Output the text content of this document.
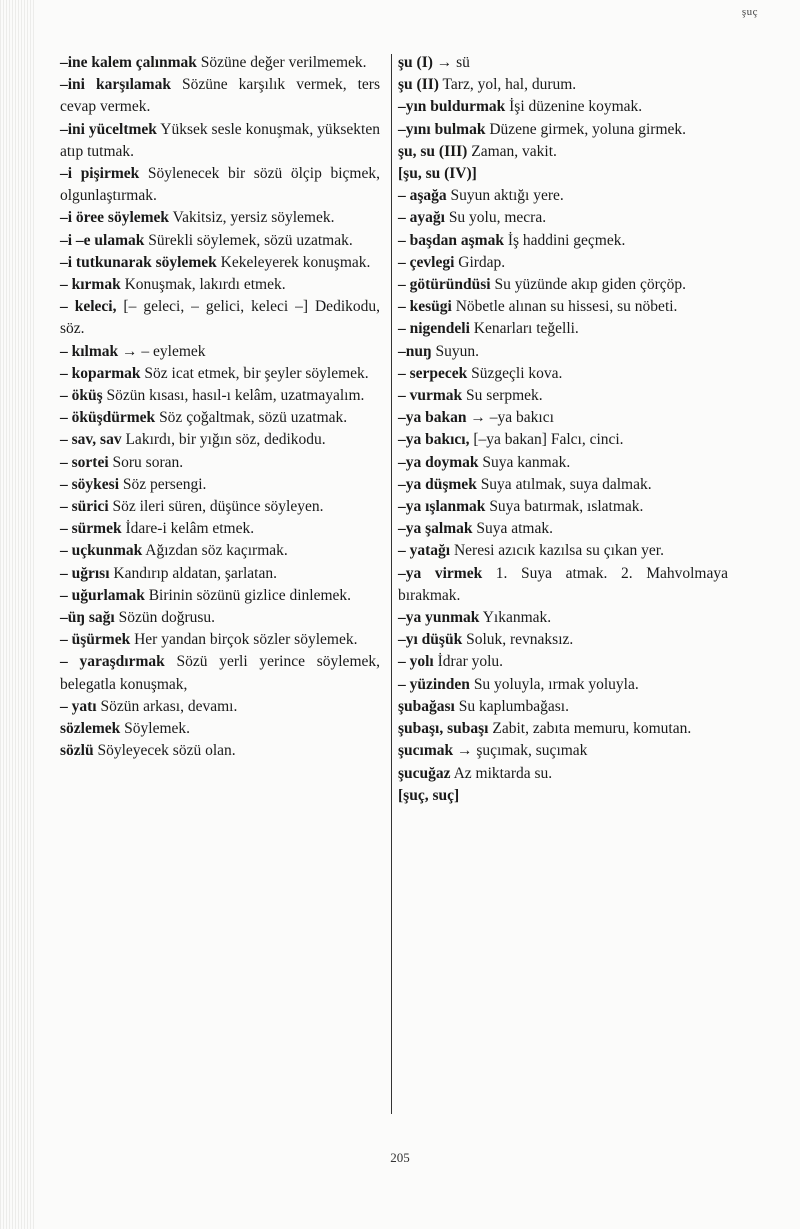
şuç
–ine kalem çalınmak Sözüne değer verilmemek.
–ini karşılamak Sözüne karşılık vermek, ters cevap vermek.
–ini yüceltmek Yüksek sesle konuşmak, yüksekten atıp tutmak.
–i pişirmek Söylenecek bir sözü ölçip biçmek, olgunlaştırmak.
–i öree söylemek Vakitsiz, yersiz söylemek.
–i –e ulamak Sürekli söylemek, sözü uzatmak.
–i tutkunarak söylemek Kekeleyerek konuşmak.
– kırmak Konuşmak, lakırdı etmek.
– keleci, [– geleci, – gelici, keleci –] Dedikodu, söz.
– kılmak → – eylemek
– koparmak Söz icat etmek, bir şeyler söylemek.
– öküş Sözün kısası, hasıl-ı kelâm, uzatmayalım.
– öküşdürmek Söz çoğaltmak, sözü uzatmak.
– sav, sav Lakırdı, bir yığın söz, dedikodu.
– sortei Soru soran.
– söykesi Söz persengi.
– sürici Söz ileri süren, düşünce söyleyen.
– sürmek İdare-i kelâm etmek.
– uçkunmak Ağızdan söz kaçırmak.
– uğrısı Kandırıp aldatan, şarlatan.
– uğurlamak Birinin sözünü gizlice dinlemek.
–üŋ sağı Sözün doğrusu.
– üşürmek Her yandan birçok sözler söylemek.
– yaraşdırmak Sözü yerli yerince söylemek, belegatla konuşmak,
– yatı Sözün arkası, devamı.
sözlemek Söylemek.
sözlü Söyleyecek sözü olan.
şu (I) → sü
şu (II) Tarz, yol, hal, durum.
–yın buldurmak İşi düzenine koymak.
–yını bulmak Düzene girmek, yoluna girmek.
şu, su (III) Zaman, vakit.
[şu, su (IV)]
– aşağa Suyun aktığı yere.
– ayağı Su yolu, mecra.
– başdan aşmak İş haddini geçmek.
– çevlegi Girdap.
– götüründüsi Su yüzünde akıp giden çörçöp.
– kesügi Nöbetle alınan su hissesi, su nöbeti.
– nigendeli Kenarları teğelli.
–nuŋ Suyun.
– serpecek Süzgeçli kova.
– vurmak Su serpmek.
–ya bakan → –ya bakıcı
–ya bakıcı, [–ya bakan] Falcı, cinci.
–ya doymak Suya kanmak.
–ya düşmek Suya atılmak, suya dalmak.
–ya ışlanmak Suya batırmak, ıslatmak.
–ya şalmak Suya atmak.
– yatağı Neresi azıcık kazılsa su çıkan yer.
–ya virmek 1. Suya atmak. 2. Mahvolmaya bırakmak.
–ya yunmak Yıkanmak.
–yı düşük Soluk, revnaksız.
– yolı İdrar yolu.
– yüzinden Su yoluyla, ırmak yoluyla.
şubağası Su kaplumbağası.
şubaşı, subaşı Zabit, zabıta memuru, komutan.
şucımak → şuçımak, suçımak
şucuğaz Az miktarda su.
[şuç, suç]
205
